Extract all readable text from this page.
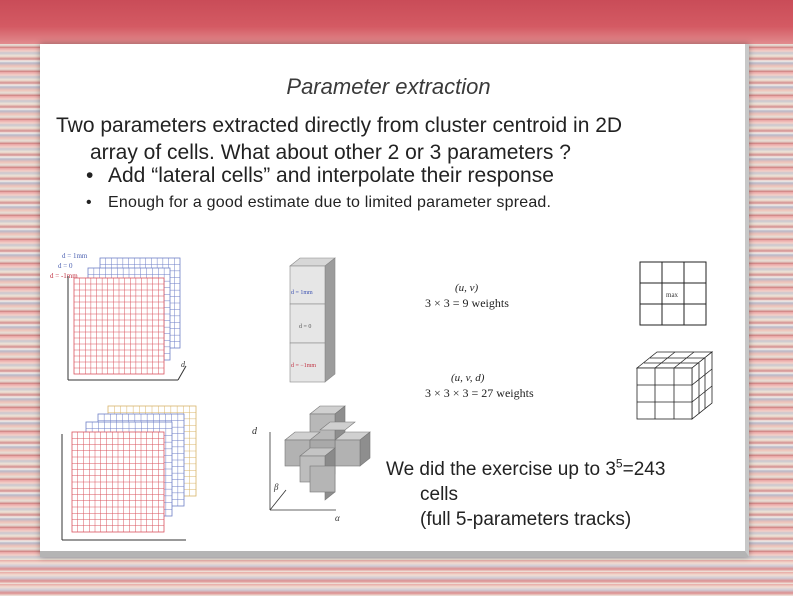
Parameter extraction
Two parameters extracted directly from cluster centroid in 2D
array of cells. What about other 2 or 3 parameters ?
• Add “lateral cells” and interpolate their response
• Enough for a good estimate due to limited parameter spread.
d = 1mm
d = 0
d = -1mm
d
d = 1mm
d = 0
d = −1mm
d
β
α
(u, v)
3 × 3 = 9 weights
(u, v, d)
3 × 3 × 3 = 27 weights
max
We did the exercise up to $3^5=243$
cells
(full 5-parameters tracks)
